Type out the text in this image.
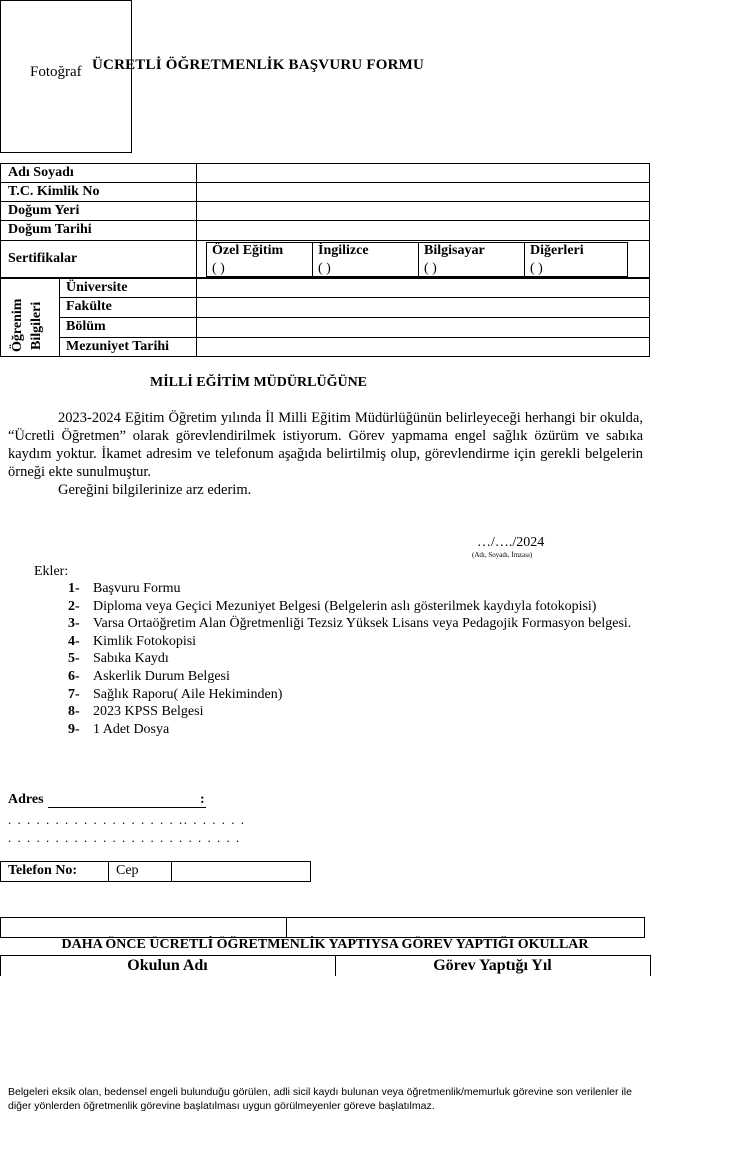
ÜCRETLİ ÖĞRETMENLİK BAŞVURU FORMU
Fotoğraf
Adı Soyadı
T.C. Kimlik No
Doğum Yeri
Doğum Tarihi
Sertifikalar
Özel Eğitim
( )
İngilizce
( )
Bilgisayar
( )
Diğerleri
( )
Öğrenim Bilgileri
Üniversite
Fakülte
Bölüm
Mezuniyet Tarihi
MİLLİ EĞİTİM MÜDÜRLÜĞÜNE

2023-2024 Eğitim Öğretim yılında İl Milli Eğitim Müdürlüğünün belirleyeceği herhangi bir okulda, “Ücretli Öğretmen” olarak görevlendirilmek istiyorum. Görev yapmama engel sağlık özürüm ve sabıka kaydım yoktur. İkamet adresim ve telefonum aşağıda belirtilmiş olup, görevlendirme için gerekli belgelerin örneği ekte sunulmuştur.

Gereğini bilgilerinize arz ederim.

…/…./2024
(Adı, Soyadı, İmzası)
Ekler:
1- Başvuru Formu
2- Diploma veya Geçici Mezuniyet Belgesi (Belgelerin aslı gösterilmek kaydıyla fotokopisi)
3- Varsa Ortaöğretim Alan Öğretmenliği Tezsiz Yüksek Lisans veya Pedagojik Formasyon belgesi.
4- Kimlik Fotokopisi
5- Sabıka Kaydı
6- Askerlik Durum Belgesi
7- Sağlık Raporu( Aile Hekiminden)
8- 2023 KPSS Belgesi
9- 1 Adet Dosya
Adres	:
. . . . . . . . . . . . . . . . . . .. . . . . . .
. . . . . . . . . . . . . . . . . . . . . . . . .
Telefon No:	Cep
DAHA ÖNCE ÜCRETLİ ÖĞRETMENLİK YAPTIYSA GÖREV YAPTIĞI OKULLAR
Okulun Adı	Görev Yaptığı Yıl
Belgeleri eksik olan, bedensel engeli bulunduğu görülen, adli sicil kaydı bulunan veya öğretmenlik/memurluk görevine son verilenler ile diğer yönlerden öğretmenlik görevine başlatılması uygun görülmeyenler göreve başlatılmaz.
